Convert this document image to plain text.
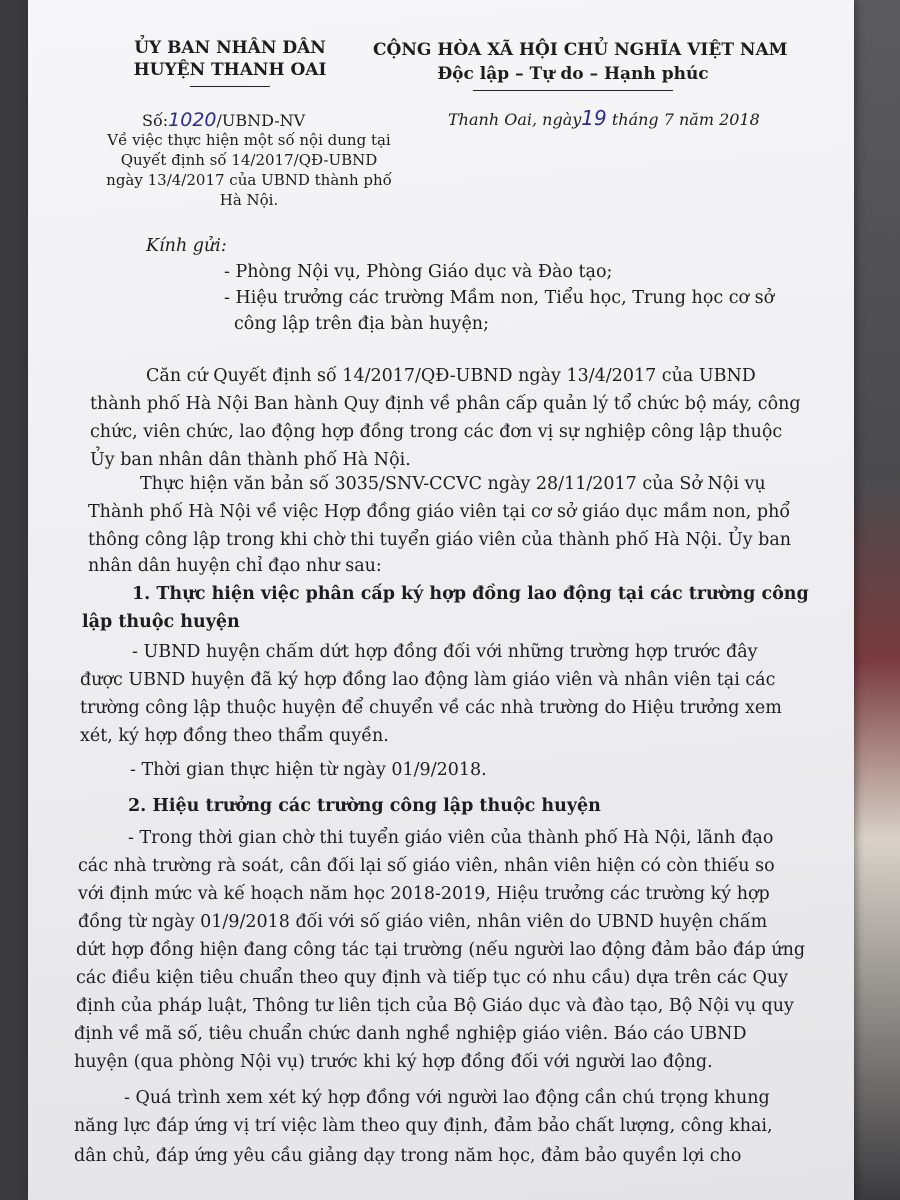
ỦY BAN NHÂN DÂN
HUYỆN THANH OAI
CỘNG HÒA XÃ HỘI CHỦ NGHĨA VIỆT NAM
Độc lập – Tự do – Hạnh phúc
Số:1020/UBND-NV	Thanh Oai, ngày19 tháng 7 năm 2018
Về việc thực hiện một số nội dung tại Quyết định số 14/2017/QĐ-UBND ngày 13/4/2017 của UBND thành phố Hà Nội.
Kính gửi:
- Phòng Nội vụ, Phòng Giáo dục và Đào tạo;
- Hiệu trưởng các trường Mầm non, Tiểu học, Trung học cơ sở
công lập trên địa bàn huyện;
Căn cứ Quyết định số 14/2017/QĐ-UBND ngày 13/4/2017 của UBND
thành phố Hà Nội Ban hành Quy định về phân cấp quản lý tổ chức bộ máy, công
chức, viên chức, lao động hợp đồng trong các đơn vị sự nghiệp công lập thuộc
Ủy ban nhân dân thành phố Hà Nội.
Thực hiện văn bản số 3035/SNV-CCVC ngày 28/11/2017 của Sở Nội vụ
Thành phố Hà Nội về việc Hợp đồng giáo viên tại cơ sở giáo dục mầm non, phổ
thông công lập trong khi chờ thi tuyển giáo viên của thành phố Hà Nội. Ủy ban
nhân dân huyện chỉ đạo như sau:
1. Thực hiện việc phân cấp ký hợp đồng lao động tại các trường công
lập thuộc huyện
- UBND huyện chấm dứt hợp đồng đối với những trường hợp trước đây
được UBND huyện đã ký hợp đồng lao động làm giáo viên và nhân viên tại các
trường công lập thuộc huyện để chuyển về các nhà trường do Hiệu trưởng xem
xét, ký hợp đồng theo thẩm quyền.
- Thời gian thực hiện từ ngày 01/9/2018.
2. Hiệu trưởng các trường công lập thuộc huyện
- Trong thời gian chờ thi tuyển giáo viên của thành phố Hà Nội, lãnh đạo
các nhà trường rà soát, cân đối lại số giáo viên, nhân viên hiện có còn thiếu so
với định mức và kế hoạch năm học 2018-2019, Hiệu trưởng các trường ký hợp
đồng từ ngày 01/9/2018 đối với số giáo viên, nhân viên do UBND huyện chấm
dứt hợp đồng hiện đang công tác tại trường (nếu người lao động đảm bảo đáp ứng
các điều kiện tiêu chuẩn theo quy định và tiếp tục có nhu cầu) dựa trên các Quy
định của pháp luật, Thông tư liên tịch của Bộ Giáo dục và đào tạo, Bộ Nội vụ quy
định về mã số, tiêu chuẩn chức danh nghề nghiệp giáo viên. Báo cáo UBND
huyện (qua phòng Nội vụ) trước khi ký hợp đồng đối với người lao động.
- Quá trình xem xét ký hợp đồng với người lao động cần chú trọng khung
năng lực đáp ứng vị trí việc làm theo quy định, đảm bảo chất lượng, công khai,
dân chủ, đáp ứng yêu cầu giảng dạy trong năm học, đảm bảo quyền lợi cho
